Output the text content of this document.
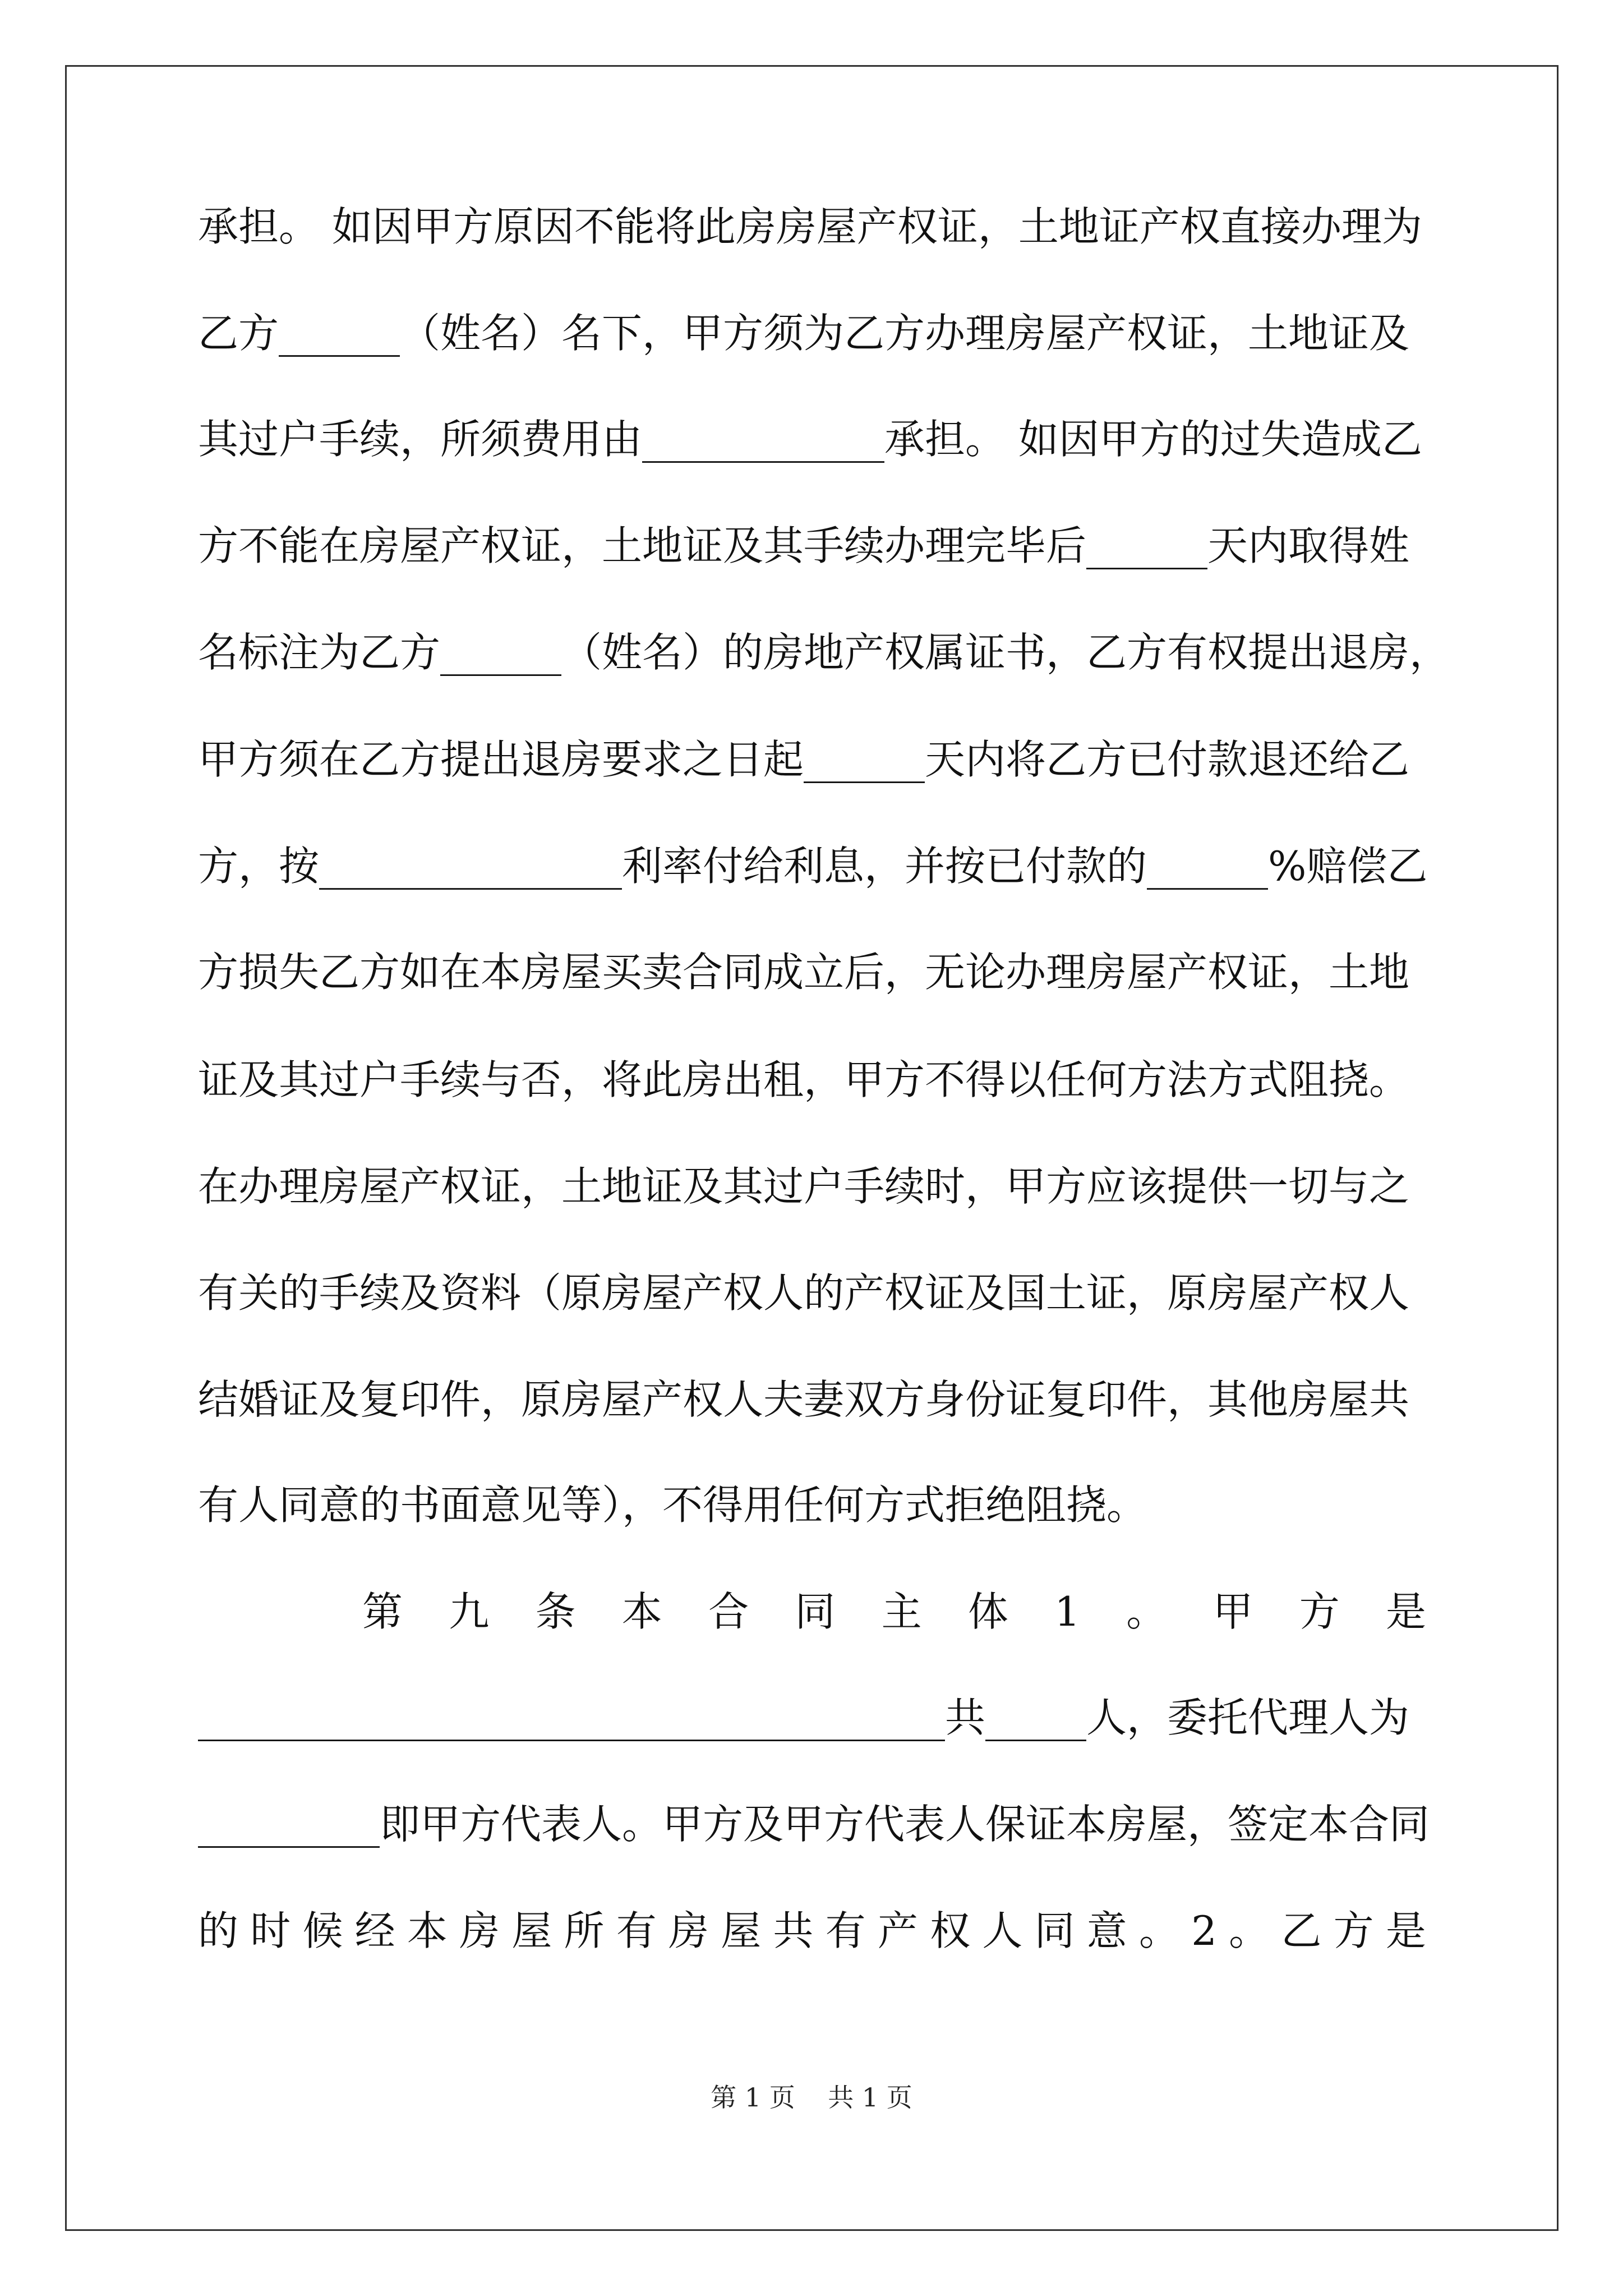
承担。 如因甲方原因不能将此房房屋产权证，土地证产权直接办理为
乙方______（姓名）名下，甲方须为乙方办理房屋产权证，土地证及
其过户手续，所须费用由____________承担。 如因甲方的过失造成乙
方不能在房屋产权证，土地证及其手续办理完毕后______天内取得姓
名标注为乙方______（姓名）的房地产权属证书，乙方有权提出退房，
甲方须在乙方提出退房要求之日起______天内将乙方已付款退还给乙
方，按_______________利率付给利息，并按已付款的______%赔偿乙
方损失乙方如在本房屋买卖合同成立后，无论办理房屋产权证，土地
证及其过户手续与否，将此房出租，甲方不得以任何方法方式阻挠。
在办理房屋产权证，土地证及其过户手续时，甲方应该提供一切与之
有关的手续及资料（原房屋产权人的产权证及国土证，原房屋产权人
结婚证及复印件，原房屋产权人夫妻双方身份证复印件，其他房屋共
有人同意的书面意见等），不得用任何方式拒绝阻挠。
第 九 条 本 合 同 主 体 1 。 甲 方 是
_____________________________________共_____人，委托代理人为
_________即甲方代表人。甲方及甲方代表人保证本房屋，签定本合同
的 时 候 经 本 房 屋 所 有 房 屋 共 有 产 权 人 同 意 。 2 。 乙 方 是
第 1 页    共 1 页
